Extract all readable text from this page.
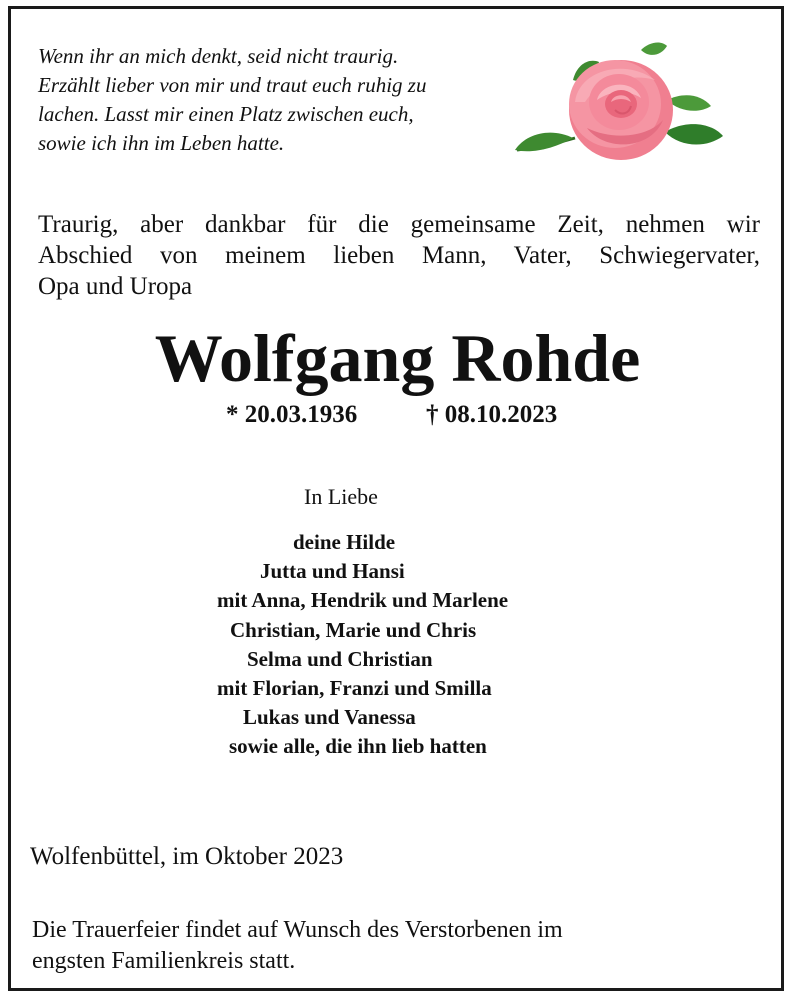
Wenn ihr an mich denkt, seid nicht traurig.
Erzählt lieber von mir und traut euch ruhig zu
lachen. Lasst mir einen Platz zwischen euch,
sowie ich ihn im Leben hatte.
Traurig, aber dankbar für die gemeinsame Zeit, nehmen wir
Abschied von meinem lieben Mann, Vater, Schwiegervater,
Opa und Uropa
Wolfgang Rohde
* 20.03.1936	† 08.10.2023
In Liebe
deine Hilde
Jutta und Hansi
mit Anna, Hendrik und Marlene
Christian, Marie und Chris
Selma und Christian
mit Florian, Franzi und Smilla
Lukas und Vanessa
sowie alle, die ihn lieb hatten
Wolfenbüttel, im Oktober 2023
Die Trauerfeier findet auf Wunsch des Verstorbenen im
engsten Familienkreis statt.
